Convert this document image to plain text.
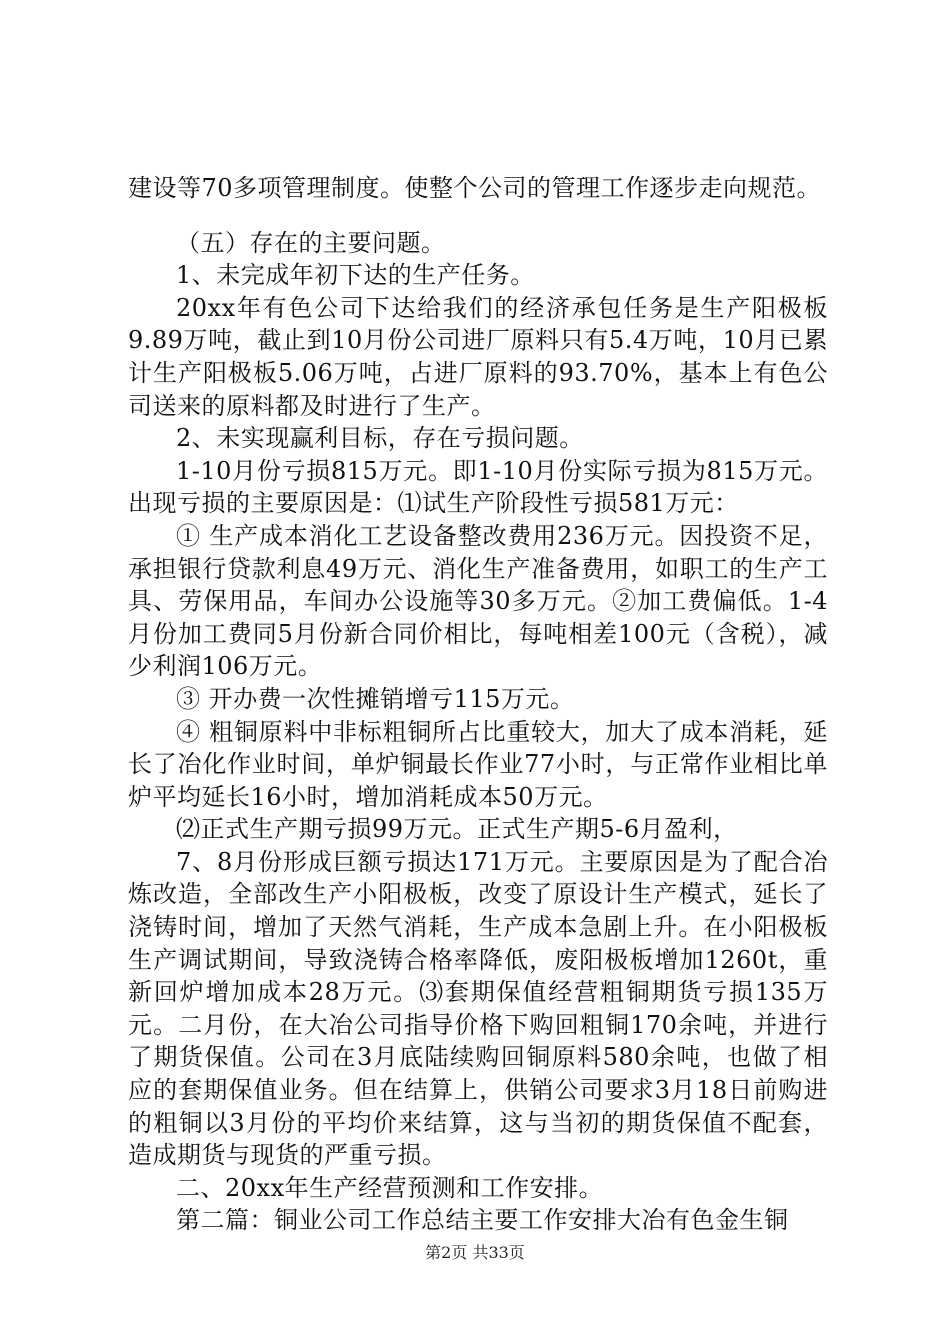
建设等70多项管理制度。使整个公司的管理工作逐步走向规范。

（五）存在的主要问题。

1、未完成年初下达的生产任务。

20xx年有色公司下达给我们的经济承包任务是生产阳极板9.89万吨，截止到10月份公司进厂原料只有5.4万吨，10月已累计生产阳极板5.06万吨，占进厂原料的93.70%，基本上有色公司送来的原料都及时进行了生产。

2、未实现赢利目标，存在亏损问题。

1-10月份亏损815万元。即1-10月份实际亏损为815万元。出现亏损的主要原因是：⑴试生产阶段性亏损581万元：

① 生产成本消化工艺设备整改费用236万元。因投资不足，承担银行贷款利息49万元、消化生产准备费用，如职工的生产工具、劳保用品，车间办公设施等30多万元。②加工费偏低。1-4月份加工费同5月份新合同价相比，每吨相差100元（含税），减少利润106万元。

③ 开办费一次性摊销增亏115万元。

④ 粗铜原料中非标粗铜所占比重较大，加大了成本消耗，延长了冶化作业时间，单炉铜最长作业77小时，与正常作业相比单炉平均延长16小时，增加消耗成本50万元。

⑵正式生产期亏损99万元。正式生产期5-6月盈利，

7、8月份形成巨额亏损达171万元。主要原因是为了配合冶炼改造，全部改生产小阳极板，改变了原设计生产模式，延长了浇铸时间，增加了天然气消耗，生产成本急剧上升。在小阳极板生产调试期间，导致浇铸合格率降低，废阳极板增加1260t，重新回炉增加成本28万元。⑶套期保值经营粗铜期货亏损135万元。二月份，在大冶公司指导价格下购回粗铜170余吨，并进行了期货保值。公司在3月底陆续购回铜原料580余吨，也做了相应的套期保值业务。但在结算上，供销公司要求3月18日前购进的粗铜以3月份的平均价来结算，这与当初的期货保值不配套，造成期货与现货的严重亏损。

二、20xx年生产经营预测和工作安排。

第二篇：铜业公司工作总结主要工作安排大冶有色金生铜

第2页 共33页
